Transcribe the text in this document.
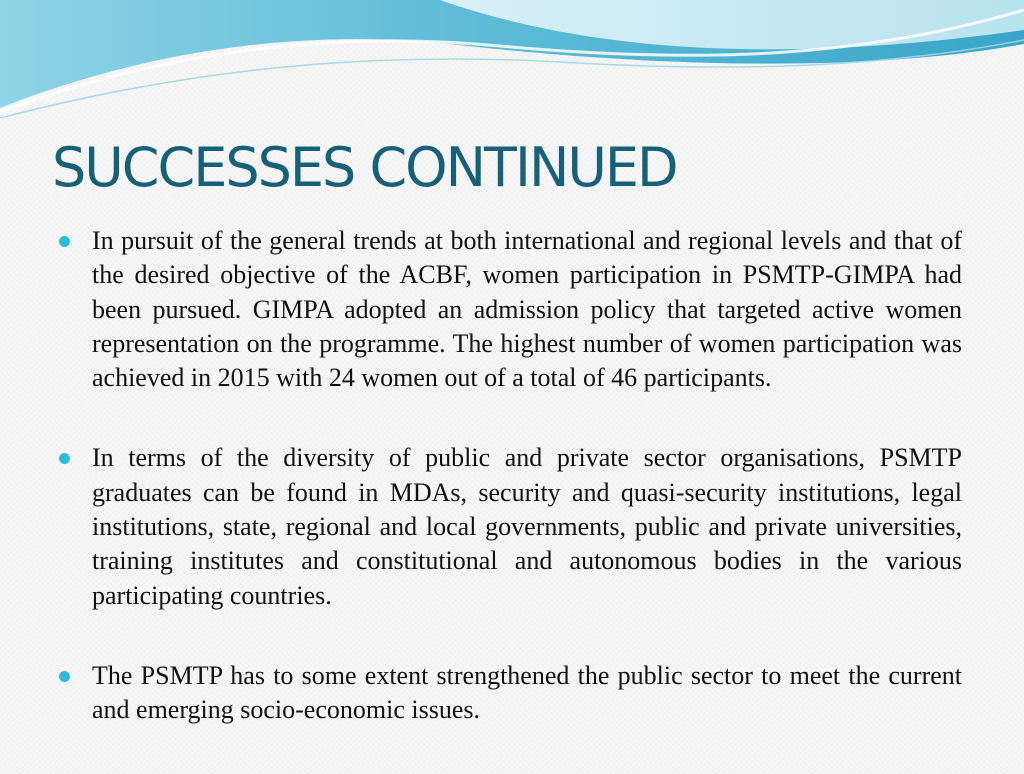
SUCCESSES CONTINUED
In pursuit of the general trends at both international and regional levels and that of the desired objective of the ACBF, women participation in PSMTP-GIMPA had been pursued. GIMPA adopted an admission policy that targeted active women representation on the programme. The highest number of women participation was achieved in 2015 with 24 women out of a total of 46 participants.
In terms of the diversity of public and private sector organisations, PSMTP graduates can be found in MDAs, security and quasi-security institutions, legal institutions, state, regional and local governments, public and private universities, training institutes and constitutional and autonomous bodies in the various participating countries.
The PSMTP has to some extent strengthened the public sector to meet the current and emerging socio-economic issues.
